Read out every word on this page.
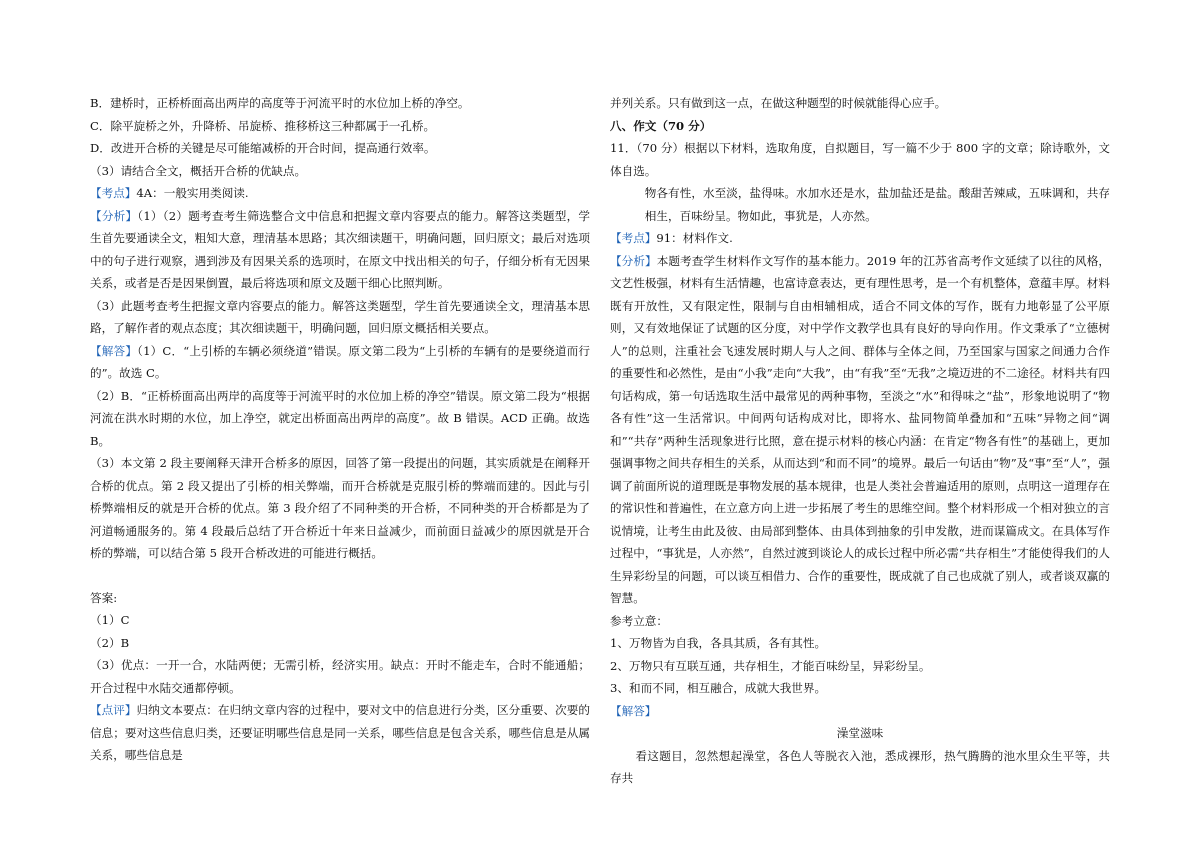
B．建桥时，正桥桥面高出两岸的高度等于河流平时的水位加上桥的净空。

C．除平旋桥之外，升降桥、吊旋桥、推移桥这三种都属于一孔桥。

D．改进开合桥的关键是尽可能缩减桥的开合时间，提高通行效率。

（3）请结合全文，概括开合桥的优缺点。

【考点】4A：一般实用类阅读.

【分析】（1）（2）题考查考生筛选整合文中信息和把握文章内容要点的能力。解答这类题型，学生首先要通读全文，粗知大意，理清基本思路；其次细读题干，明确问题，回归原文；最后对选项中的句子进行观察，遇到涉及有因果关系的选项时，在原文中找出相关的句子，仔细分析有无因果关系，或者是否是因果倒置，最后将选项和原文及题干细心比照判断。

（3）此题考查考生把握文章内容要点的能力。解答这类题型，学生首先要通读全文，理清基本思路，了解作者的观点态度；其次细读题干，明确问题，回归原文概括相关要点。

【解答】（1）C．“上引桥的车辆必须绕道”错误。原文第二段为“上引桥的车辆有的是要绕道而行的”。故选 C。

（2）B．“正桥桥面高出两岸的高度等于河流平时的水位加上桥的净空”错误。原文第二段为“根据河流在洪水时期的水位，加上净空，就定出桥面高出两岸的高度”。故 B 错误。ACD 正确。故选 B。

（3）本文第 2 段主要阐释天津开合桥多的原因，回答了第一段提出的问题，其实质就是在阐释开合桥的优点。第 2 段又提出了引桥的相关弊端，而开合桥就是克服引桥的弊端而建的。因此与引桥弊端相反的就是开合桥的优点。第 3 段介绍了不同种类的开合桥，不同种类的开合桥都是为了河道畅通服务的。第 4 段最后总结了开合桥近十年来日益减少，而前面日益减少的原因就是开合桥的弊端，可以结合第 5 段开合桥改进的可能进行概括。

答案:

（1）C

（2）B

（3）优点：一开一合，水陆两便；无需引桥，经济实用。缺点：开时不能走车，合时不能通船；开合过程中水陆交通都停顿。

【点评】归纳文本要点：在归纳文章内容的过程中，要对文中的信息进行分类，区分重要、次要的信息；要对这些信息归类，还要证明哪些信息是同一关系，哪些信息是包含关系，哪些信息是从属关系，哪些信息是

并列关系。只有做到这一点，在做这种题型的时候就能得心应手。

八、作文（70 分）

11．（70 分）根据以下材料，选取角度，自拟题目，写一篇不少于 800 字的文章；除诗歌外，文体自选。

物各有性，水至淡，盐得味。水加水还是水，盐加盐还是盐。酸甜苦辣咸，五味调和，共存相生，百味纷呈。物如此，事犹是，人亦然。

【考点】91：材料作文.

【分析】本题考查学生材料作文写作的基本能力。2019 年的江苏省高考作文延续了以往的风格，文艺性极强，材料有生活情趣，也富诗意表达，更有理性思考，是一个有机整体，意蕴丰厚。材料既有开放性，又有限定性，限制与自由相辅相成，适合不同文体的写作，既有力地彰显了公平原则，又有效地保证了试题的区分度，对中学作文教学也具有良好的导向作用。作文秉承了“立德树人”的总则，注重社会飞速发展时期人与人之间、群体与全体之间，乃至国家与国家之间通力合作的重要性和必然性，是由“小我”走向“大我”，由“有我”至“无我”之境迈进的不二途径。材料共有四句话构成，第一句话选取生活中最常见的两种事物，至淡之“水”和得味之“盐”，形象地说明了“物各有性”这一生活常识。中间两句话构成对比，即将水、盐同物简单叠加和“五味”异物之间“调和”“共存”两种生活现象进行比照，意在提示材料的核心内涵：在肯定“物各有性”的基础上，更加强调事物之间共存相生的关系，从而达到“和而不同”的境界。最后一句话由“物”及“事”至“人”，强调了前面所说的道理既是事物发展的基本规律，也是人类社会普遍适用的原则，点明这一道理存在的常识性和普遍性，在立意方向上进一步拓展了考生的思维空间。整个材料形成一个相对独立的言说情境，让考生由此及彼、由局部到整体、由具体到抽象的引申发散，进而谋篇成文。在具体写作过程中，“事犹是，人亦然”，自然过渡到谈论人的成长过程中所必需“共存相生”才能使得我们的人生异彩纷呈的问题，可以谈互相借力、合作的重要性，既成就了自己也成就了别人，或者谈双赢的智慧。

参考立意：

1、万物皆为自我，各具其质，各有其性。

2、万物只有互联互通，共存相生，才能百味纷呈，异彩纷呈。

3、和而不同，相互融合，成就大我世界。

【解答】

澡堂滋味

看这题目，忽然想起澡堂，各色人等脱衣入池，悉成裸形，热气腾腾的池水里众生平等，共存共
